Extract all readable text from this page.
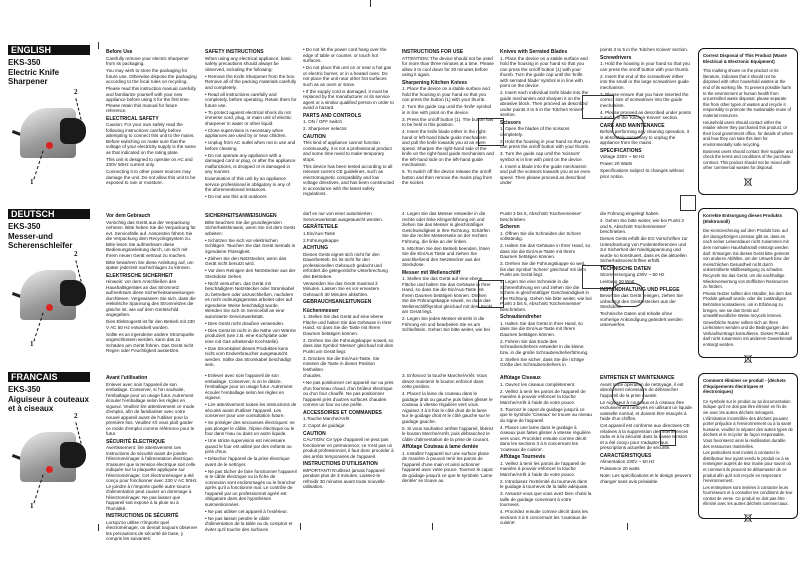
ENGLISH
EKS-350
Electric Knife Sharpener
1
2
Before Use

Carefully remove your electric sharpener from its packaging.

You may wish to store the packaging for future use. Otherwise dispose the packaging according to the local rules on recycling.

Please read this instruction manual carefully and familiarize yourself with your new appliance before using it for the first time. Please retain this manual for future reference.

ELECTRICAL SAFETY

Caution: For your own safety read the following instructions carefully before attempting to connect this unit to the mains. Before switching on make sure that the voltage of your electricity supply is the same as that indicated on the rating plate.

This unit is designed to operate on AC and 230V 50Hz current only.

Connecting it to other power sources may damage the unit. Do not allow this unit to be exposed to rain or moisture.

SAFETY INSTRUCTIONS

When using any electrical appliance, basic safety precautions should always be observed, including the following:

• Remove the Knife Sharpener from the box. Remove all of the packing materials carefully and completely.

• Read all instructions carefully and completely, before operating. Retain them for future use.

• To protect against electrical shock do not immerse cord, plug, or main unit of electric sharpener in water or other liquid.

• Close supervision is necessary when appliances are used by or near children.

• Unplug from AC outlet when not in use and before cleaning.

• Do not operate any appliance with a damaged cord or plug, or after the appliance malfunctions, is dropped or is damaged in any manner.

Examination of this unit by an appliance service professional is obligatory in any of the aforementioned instances.

• Do not use this unit outdoors.

• Do not let the power cord hang over the edge of table or counter, or touch hot surfaces.

• Do not place this unit on or near a hot gas or electric burner, or in a heated oven. Do not place the unit near other hot surfaces such as an oven or stove.

• If the supply cord is damaged, it must be replaced by the manufacturer or its service agent or a similar qualified person in order to avoid a hazard.

PARTS AND CONTROLS

1. ON / OFF switch

2. Sharpener selector

CAUTION

This kind of appliance cannot function continuously, it is not a professional product and some time need to make temporary stops.

This device has been tested according to all relevant current CE guidelines, such as electromagnetic compatibility and low voltage directives, and has been constructed in accordance with the latest safety regulations.

INSTRUCTIONS FOR USE

ATTENTION: The device should not be used for more than three minutes at a time. Please allow it to cool down for 30 minutes before using it again.

Sharpening Kitchen Knives

1. Place the device on a stable surface and hold the housing in your hand so that you can press the button (1) with your thumb.

2. Turn the guide cap until the 'knife' symbol is in line with point on the device.

3. Press the on/off button (1). The button has to be held in this position.

4. Insert the knife blade either in the right-hand or left-hand blade guide mechanism and pull the knife towards you at an even speed. Sharpen the right-hand side of the knife on the right-hand guide mechanism and the left-hand side on the left-hand guide mechanism.

5. To switch off the device release the on/off button and then remove the mains plug from the socket.

Knives with Serrated Blades

1. Place the device on a stable surface and hold the housing in your hand so that you can press the on/off button (1) with your thumb. Turn the guide cap until the 'knife with serrated blade' symbol is in line with point on the device.

2. Insert each individual knife blade into the guide mechanism and sharpen it on the abrasive block. Then proceed as described under points 3 to 5 in the 'Kitchen Knives' section.

Scissors

1. Open the blades of the scissors completely.

2. Hold the housing in your hand so that you can press the on/off button with your thumb.

3. Turn the guide cap until the 'scissors' symbol is in line with point on the device.

4. Insert a blade into the guide mechanism and pull the scissors towards you at an even speed. Then please proceed as described under

points 3 to 5 in the 'Kitchen Knives' section.

Screwdrivers

1. Hold the housing in your hand so that you can press the on/off button with your thumb.

2. Insert the end of the screwdriver either into the small or the large screwdriver guide mechanism.

3. Please ensure that you have inserted the correct size of screwdriver into the guide mechanism.

4. Please proceed as described under points 3 and 5 in the 'Kitchen Knives' section.

CARE AND MAINTENANCE

Before performing any cleaning operation, it is absolutely necessary to unplug the appliance from the mains.

SPECIFICATIONS

Voltage 230V ~ 50 Hz

Power 20 Watts

Specifications subject to changes without prior notice.

Correct Disposal of This Product (Waste Electrical & Electronic Equipment)

This marking shown on the product or its literature, indicates that it should not be disposed with other household wastes at the end of its working life. To prevent possible harm to the environment or human health from uncontrolled waste disposal, please separate this from other types of wastes and recycle it responsibly to promote the sustainable reuse of material resources.

Household users should contact either the retailer where they purchased this product, or their local government office, for details of where and how they can take this item for environmentally safe recycling.

Business users should contact their supplier and check the terms and conditions of the purchase contract. This product should not be mixed with other commercial wastes for disposal.

DEUTSCH
EKS-350
Messer-und Scherenschleifer
1
2
Vor dem Gebrauch

Vorsichtig das Gerät aus der Verpackung nehmen. Bitte heben Sie die Verpackung für evt. Servicefälle auf. Ansonsten führen Sie die Verpackung dem Recyclingsystem zu. Bitte lesen Sie aufmerksam diese Bedienungsanleitung durch, um sich mit Ihrem neuen Gerät vertraut zu machen.

Bitte bewahren Sie diese Anleitung auf, um später jederzeit nachschlagen zu können.

ELEKTRISCHE SICHERHEIT

Hinweis: vor dem Anschließen des Haushaltsgerätes an das Stromnetz aufmerksam diese Sicherheitsanweisungen durchlesen. Vergewissern Sie sich, dass die elektrische Spannung des Stromnetzes die gleiche ist, wie auf dem Gerätschild angegeben.

Dies Elektrogerät ist für den Betrieb mit 230 V AC 50 Hz entwickelt worden.

Sollte es an irgendeine andere Stromquelle angeschlossen werden, kann das zu Schäden am Gerät führen. Das Gerät nicht Regen oder Feuchtigkeit aussetzen.

SICHERHEITSANWEISUNGEN

Bitte beachten Sie die grundlegenden Sicherheitshinweis, wenn Sie mit dem Gerät arbeiten:

• Schützen Sie sich vor elektrischen Schlägen. Tauchen Sie das Gerät niemals in irgendeine Flüssigkeit.

• Ziehen Sie den Netzstecker, wenn das Gerät nicht benutzt wird.

• Vor dem Reinigen den Netzstecker aus der Steckdose ziehen.

• Nicht versuchen, das Gerät mit beschädigtem Netzstecker oder Stromkabel zu betreiben oder anzuschließen, nachdem es nicht ordnungsgemäss arbeitet oder auf irgendeine Weise beschädigt wurde. Wenden Sie sich im Servicefall an eine autorisierte Servicewerkstatt.

• Dies Gerät nicht draußen verwenden.

• Dies Gerät ist nicht in die Nähe von Wärme produziert (wie z.B. eine Kochplatte oder eine mit Gas arbeitende Kochstelle).

• Das Stromkabel dieses Produktes kann nicht vom Endverbraucher ausgetauscht werden. Sollte das Stromkabel beschädigt sein,

darf es nur von einer autorisierten Servicewerkstatt ausgetauscht werden.

GERÄTETEILE

1.Ein/Aus-Taste

2.Führungskappe

ACHTUNG

Dieses Gerät eignet sich nicht für den Dauerbetrieb. Es ist nicht für den professionellen Gebrauch gedacht und erfordert die gelegentliche Unterbrechung des Betriebes.

Verwenden Sie das Gerät maximal 3 Minuten. Lassen Sie es vor erneutem Gebrauch 30 Minuten abkühlen.

GEBRAUCHSANLEITUNGEN
Küchenmesser

1. Stellen Sie das Gerät auf eine ebene Fläche und halten Sie das Gehäuse in Ihrer Hand, so dass Sie die Taste mit Ihrem Daumen betätigen können.

2. Drehen Sie die Führungskappe soweit, so dass das Symbol 'Messer' gleichauf mit dem Punkt am Gerät liegt.

3. Drücken Sie die Ein/Aus-Taste. Sie müssen die Taste in dieser Position festhalten.

4. Legen Sie das Messer entweder in die rechte oder linke Klingenführung ein und ziehen Sie das Messer in gleichmäßiger Geschwindigkeit in Ihre Richtung. Schärfen Sie die rechte Messerseite an der rechten Führung, die linke an der linken.

5. Möchten Sie den Betrieb beenden, lösen Sie die Ein/Aus Taste und ziehen Sie anschließend den Netzstecker aus der Steckdose.

Messer mit Wellenschliff

1. Stellen Sie das Gerät auf eine ebene Fläche und halten Sie das Gehäuse in Ihrer Hand, so dass Sie die Ein/Aus-Taste mit Ihrem Daumen betätigen können. Drehen Sie die Führungskappe soweit, so dass das Wellenschliffsymbol gleichauf mit dem Punkt am Gerät liegt.

2. Legen Sie jedes Messer einzeln in die Führung ein und bearbeiten Sie es am Schleifstein. Gehen Sie bitte weiter, wie bei

Punkt 3 bis 5, Abschnitt 'Küchenmesser' beschrieben.

Scheren

1. Öffnen Sie die Schneiden der Schere vollständig.

2. Halten Sie das Gehäuse in Ihrer Hand, so dass Sie die Ein/Aus-Taste mit Ihrem Daumen betätigen können.

3. Drehen Sie die Führungskappe so weit, bis das Symbol 'Schere' gleichauf mit dem Punkt am Gerät liegt.

4. Legen Sie eine Schneide in die Scherenführung ein und ziehen Sie die Schere in gleichmäßiger Geschwindigkeit in Ihre Richtung. Gehen Sie bitte weiter, wie bei Punkt 3 bis 5, Abschnitt 'Küchenmesser' beschrieben.

Schraubendreher

1. Halten Sie das Gerät in Ihrer Hand, so dass Sie die Ein/Aus-Taste mit Ihrem Daumen betätigen können.

2. Führen Sie das Ende des Schraubendrehers entweder in die kleine bzw. in die große Schraubendreherführung.

3. Stellen Sie sicher, dass Sie die richtige Größe des Schraubendrehers in

die Führung eingelegt haben.

4. Gehen Sie bitte weiter, wie bei Punkt 3 und 5, Abschnitt 'Küchenmesser' beschrieben.

Dieses Gerät erfüllt die EG Vorschriften zur Unterdrückung von Funkinterferenzen und zur Sicherheit der Niedrigspannung und wurde so konstruiert, dass es die aktuellen Sicherheitsvorschriften erfüllt.

TECHNISCHE DATEN

Stromversorgung 230V ~ 50 Hz

Leistung 20 Watt

INSTANDHALTUNG UND PFLEGE

Bevor Sie das Gerät reinigen, ziehen Sie unbedingt den Gerätestecker aus der Steckdose.

Technische Daten und Inhalte ohne vorherige Ankündigung geändert werden unterwerfen.

Korrekte Entsorgung dieses Produkts (Elektromüll)

Die Kennzeichnung auf dem Produkt bzw. auf der dazugehörigen Literatur gibt an, dass es nach seiner Lebensdauer nicht zusammen mit dem normalen Haushaltsmüll entsorgt werden darf. Entsorgen Sie dieses Gerät bitte getrennt von anderen Abfällen, um der Umwelt bzw. der menschlichen Gesundheit nicht durch unkontrollierte Müllbeseitigung zu schaden. Recyceln Sie das Gerät, um die nachhaltige Wiederverwertung von stofflichen Ressourcen zu fördern.

Private Nutzer sollten den Händler, bei dem das Produkt gekauft wurde, oder die zuständigen Behörden kontaktieren, um in Erfahrung zu bringen, wie sie das Gerät auf umweltfreundliche Weise recyceln können.

Gewerbliche Nutzer sollten sich an Ihren Lieferanten wenden und die Bedingungen des Verkaufsvertrags konsultieren. Dieses Produkt darf nicht zusammen mit anderem Gewerbemüll entsorgt werden.

FRANCAIS
EKS-350
Aiguiseur à couteaux et à ciseaux
1
2
Avant l'utilisation

Enlever avec soin l'appareil de son emballage. Conserver, si l'on souhaite, l'emballage pour un usage futur. Autrement écouler l'emballage selon les règles en vigueur. Veuillez lire attentivement ce mode d'emploi, afin de familiariser avec votre nouvel appareil avant de l'utiliser pour la première fois. Veuillez s'il vous plaît garder ce mode d'emploi comme référence pour le futur.

SÉCURITÉ ÉLECTRIQUE

Avertissement: lire attentivement ces instructions de sécurité avant de joindre l'électroménager à l'alimentation électrique. S'assurer que la tension électrique soit celle indiquée sur la plaquette appliquée sur l'électroménager. Cet électroménager a été conçu pour fonctionner avec 230 V AC 50Hz. Le joindre à n'importe quelle autre source d'alimentation peut causer un dommage à l'électroménager. Ne pas laisser que l'appareil soit exposé à la pluie ou à l'humidité.

INSTRUCTIONS DE SÉCURITÉ

Lorsqu'on utilise n'importe quel électroménager, on devrait toujours observer les précautions de sécurité de base, y compris les suivantes:

• Enlever avec soin l'appareil de son emballage. Conserver, si on le désire, l'emballage pour un usage futur. Autrement écouler l'emballage selon les règles en vigueur.

• Lire attentivement toutes les instructions de sécurité avant d'utiliser l'appareil. Les conserver pour une consultation future.

• Se protéger des secousses électriques: ne pas plonger le câble, l'épine électrique ou le four dans l'eau ou dans un autre liquide.

• Une stricte supervision est nécessaire quand le four est utilisé par des enfants ou près d'eux.

• Détacher l'appareil de la prise électrique avant de le nettoyer.

• Ne pas tâcher de faire fonctionner l'appareil si le câble électrique ou la fiche de connexion sont endommagés ou le brancher après qu'il a fonctionné mal. Le contrôle de l'appareil par un professionnel agréé est obligatoire dans des hypothèses susmentionnées.

• Ne pas utiliser cet appareil à l'extérieur.

• Ne pas laisser pendre le câble d'alimentation de la table ou du comptoir et éviter qu'il touche des surfaces

chaudes.

• Ne pas positionner cet appareil sur ou près d'un fourneau chaud, d'un brûleur électrique ou d'un four chauffé. Ne pas positionner l'appareil près d'autres surfaces chaudes comme un four ou une poêle.

ACCESSOIRES ET COMMANDES

1.Touche Marche/Arrêt

2. Capot de guidage

CAUTION

CAUTION: Ce type d'appareil ne peut pas fonctionner en permanence; ce n'est pas un produit professionnel, il faut donc procéder à des arrêts temporaires de l'appareil.

INSTRUCTIONS D'UTILISATION

IMPORTANT! N'utilisez jamais l'appareil pendant plus de 3 minutes. Laissez-le refroidir 30 minutes avant toute nouvelle utilisation.

3. Enfoncez la touche Marche/Arrêt. Vous devez maintenir le bouton enfoncé dans cette position.

4. Placez la lame du couteau dans le guidage droit ou gauche puis faites glisser le couteau à vitesse régulière vers vous. Aiguisez 4 à 5 fois le côté droit de la lame sur le guidage droit et le côté gauche sur le guidage gauche.

5. Si vous souhaitez arrêter l'appareil, libérez le bouton Marche/Arrêt, puis débranchez le câble d'alimentation de la prise de courant.

Affûtage Couteau à lame dentée

1. Installez l'appareil sur une surface plane de manière à pouvoir tenir les parois de l'appareil d'une main et ainsi actionner l'appareil avec votre pouce. Tournez le capot de guidage jusqu'à ce que le symbole 'Lame dentée' se trouve au

Affûtage Ciseaux

1. Ouvrez les ciseaux complètement.

2. Veillez à tenir les parois de l'appareil de manière à pouvoir enfoncer la touche Marche/Arrêt à l'aide de votre pouce.

3. Tournez le capot de guidage jusqu'à ce que le symbole 'Ciseaux' se trouve au niveau du signe de l'appareil.

4. Placez une lame dans le guidage à ciseaux puis faites glisser à vitesse régulière vers vous. Procédez ensuite comme décrit dans les sections 3 à 5 concernant les 'couteaux de cuisine'.

Affûtage Tournevis

1. Veillez à tenir les parois de l'appareil de manière à pouvoir enfoncer la touche Marche/Arrêt à l'aide de votre pouce.

2. Introduisez l'extrémité du tournevis dans le guidage à tournevis de la taille adéquate.

3. Assurez-vous que vous avez bien choisi la taille de guidage convenant à votre tournevis.

4. Procédez ensuite comme décrit dans les sections 3 à 5 concernant les 'couteaux de cuisine'.

ENTRETIEN ET MAINTENANCE

Avant toute opération de nettoyage, il est absolument nécessaire de débrancher l'appareil de la prise murale.

Le Aiguiseur à couteaux et à ciseaux être exclusivement nettoyés en utilisant un liquide vaisselle normal, et doivent être essuyés à l'aide d'un chiffon.

Cet appareil est conforme aux directives CE relatives à la suppression des interférences radio et à la sécurité dans la basse tension et a été conçu pour s'adapter aux prescriptions actuelles de sécurité.

CARACTÉRISTIQUES

Alimentation 230V ~ 50 Hz

Puissance 20 watts

Note: Les spécifications et le design peuvent changer sans avis préalable.

Comment éliminer ce produit - (déchets d'équipements électriques et électroniques)

Ce symbole sur le produit ou sa documentation indique qu'il ne doit pas être éliminé en fin de vie avec les autres déchets ménagers. L'élimination incontrôlée des déchets pouvant porter préjudice à l'environnement ou à la santé humaine, veuillez le séparer des autres types de déchets et le recycler de façon responsable. Vous favoriserez ainsi la réutilisation durable des ressources matérielles.

Les particuliers sont invités à contacter le distributeur leur ayant vendu le produit ou à se renseigner auprès de leur mairie pour savoir où et comment ils peuvent se débarrasser de ce produit afin qu'il soit recyclé en respectant l'environnement.

Les entreprises sont invitées à contacter leurs fournisseurs et à consulter les conditions de leur contrat de vente. Ce produit ne doit pas être éliminé avec les autres déchets commerciaux.
